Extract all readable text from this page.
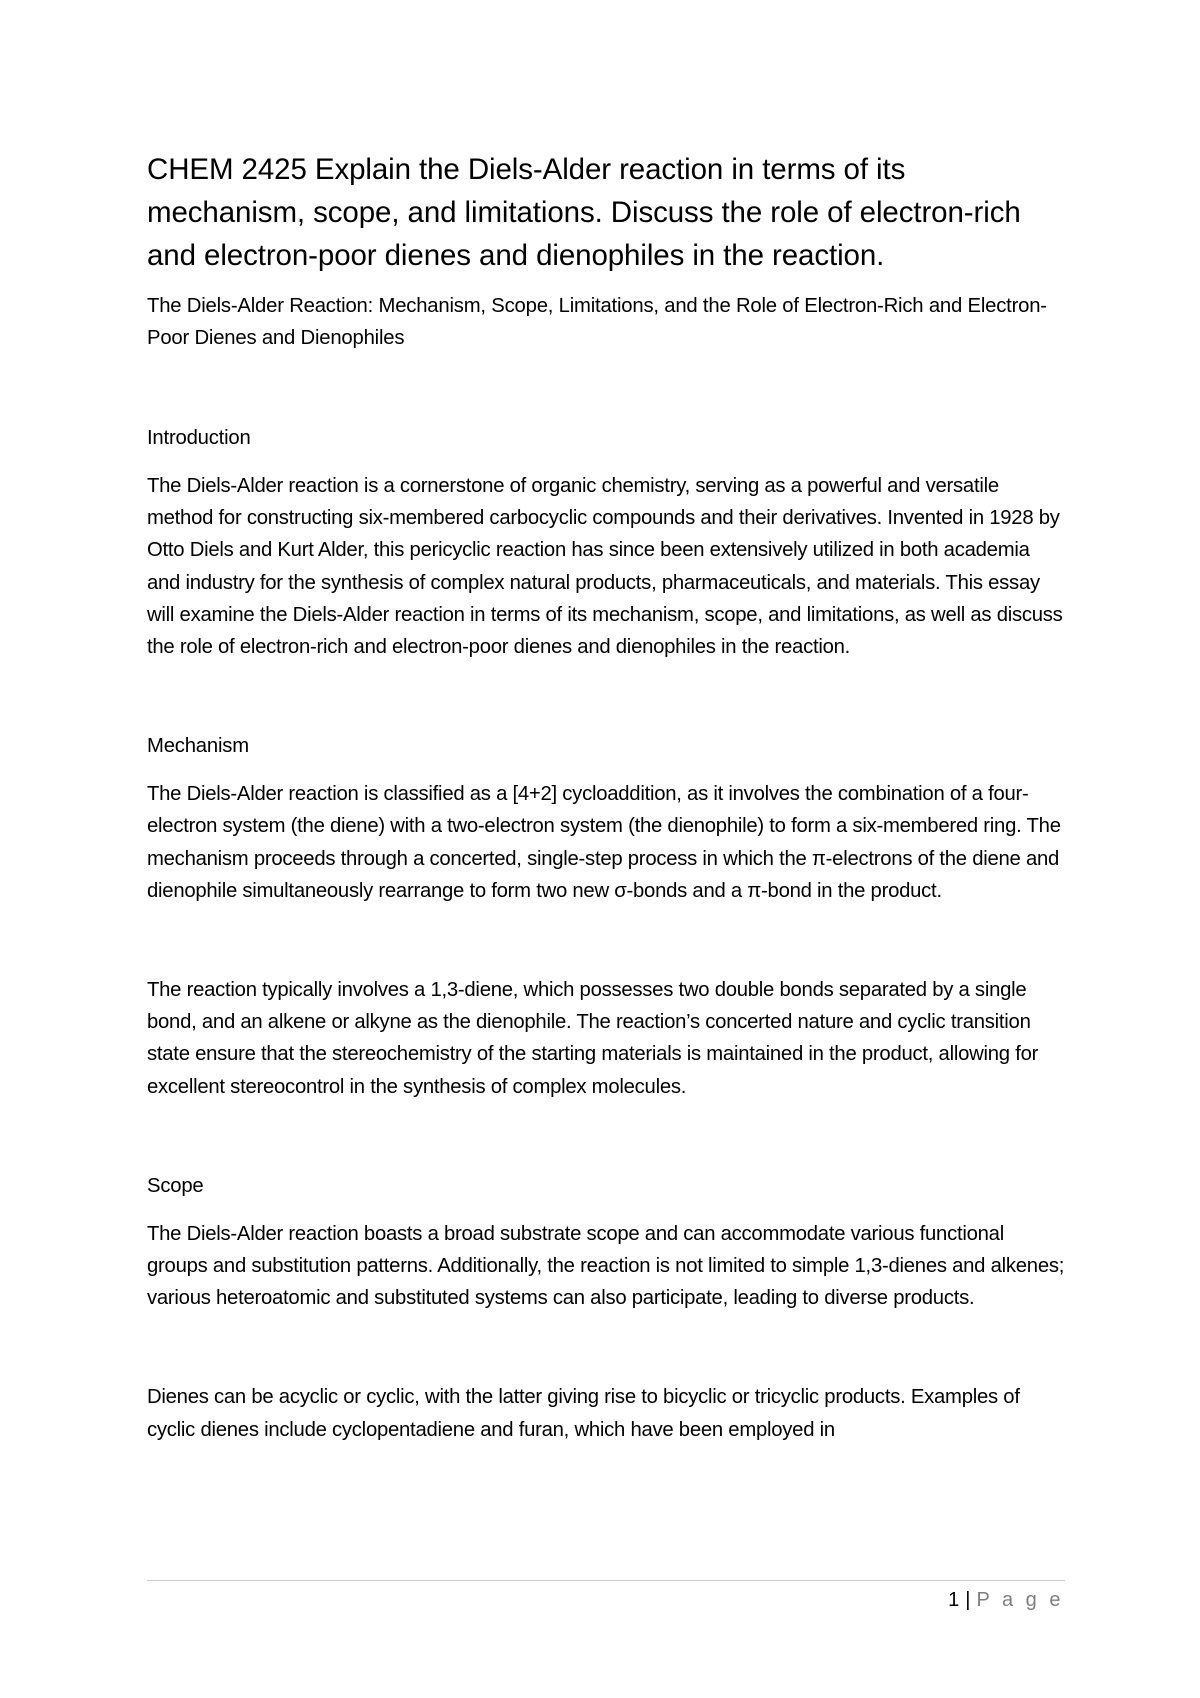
CHEM 2425 Explain the Diels-Alder reaction in terms of its mechanism, scope, and limitations. Discuss the role of electron-rich and electron-poor dienes and dienophiles in the reaction.
The Diels-Alder Reaction: Mechanism, Scope, Limitations, and the Role of Electron-Rich and Electron-Poor Dienes and Dienophiles
Introduction
The Diels-Alder reaction is a cornerstone of organic chemistry, serving as a powerful and versatile method for constructing six-membered carbocyclic compounds and their derivatives. Invented in 1928 by Otto Diels and Kurt Alder, this pericyclic reaction has since been extensively utilized in both academia and industry for the synthesis of complex natural products, pharmaceuticals, and materials. This essay will examine the Diels-Alder reaction in terms of its mechanism, scope, and limitations, as well as discuss the role of electron-rich and electron-poor dienes and dienophiles in the reaction.
Mechanism
The Diels-Alder reaction is classified as a [4+2] cycloaddition, as it involves the combination of a four-electron system (the diene) with a two-electron system (the dienophile) to form a six-membered ring. The mechanism proceeds through a concerted, single-step process in which the π-electrons of the diene and dienophile simultaneously rearrange to form two new σ-bonds and a π-bond in the product.
The reaction typically involves a 1,3-diene, which possesses two double bonds separated by a single bond, and an alkene or alkyne as the dienophile. The reaction’s concerted nature and cyclic transition state ensure that the stereochemistry of the starting materials is maintained in the product, allowing for excellent stereocontrol in the synthesis of complex molecules.
Scope
The Diels-Alder reaction boasts a broad substrate scope and can accommodate various functional groups and substitution patterns. Additionally, the reaction is not limited to simple 1,3-dienes and alkenes; various heteroatomic and substituted systems can also participate, leading to diverse products.
Dienes can be acyclic or cyclic, with the latter giving rise to bicyclic or tricyclic products. Examples of cyclic dienes include cyclopentadiene and furan, which have been employed in
1 | P a g e
